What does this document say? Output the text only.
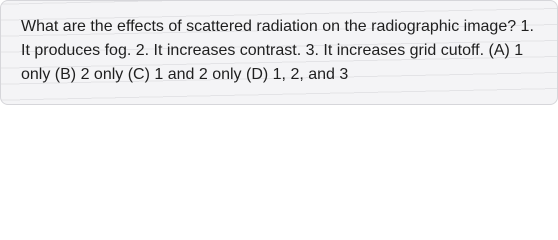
What are the effects of scattered radiation on the radiographic image? 1. It produces fog. 2. It increases contrast. 3. It increases grid cutoff. (A) 1 only (B) 2 only (C) 1 and 2 only (D) 1, 2, and 3
